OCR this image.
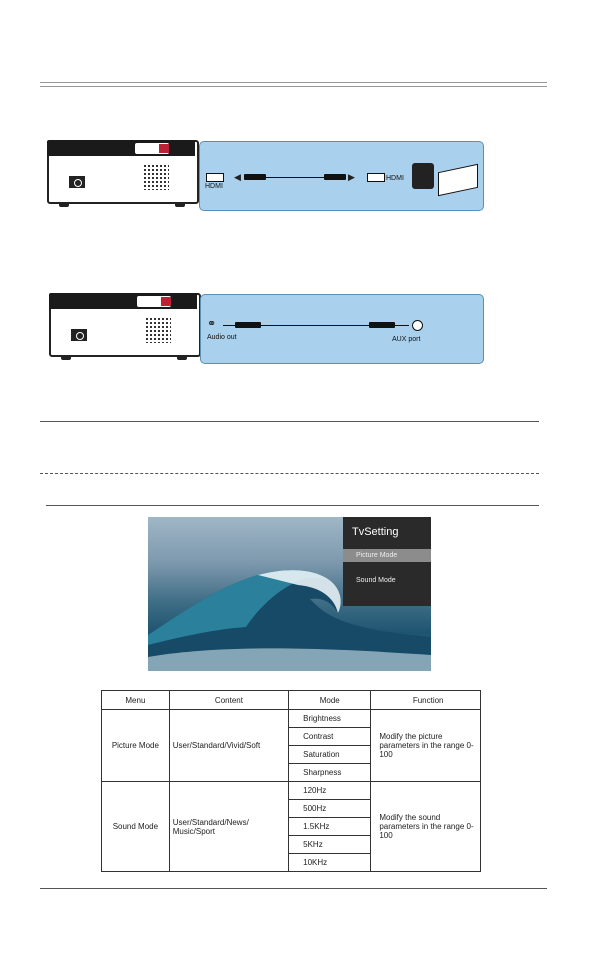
HDMI
◀	▶	HDMI
⚭
Audio out	AUX port
TvSetting
Picture Mode
Sound Mode
Menu	Content	Mode	Function
Picture Mode	User/Standard/Vivid/Soft	Brightness	Modify the picture parameters in the range 0-100
		Contrast	
		Saturation	
		Sharpness	
Sound Mode	User/Standard/News/ Music/Sport	120Hz	Modify the sound parameters in the range 0-100
		500Hz	
		1.5KHz	
		5KHz	
		10KHz	
